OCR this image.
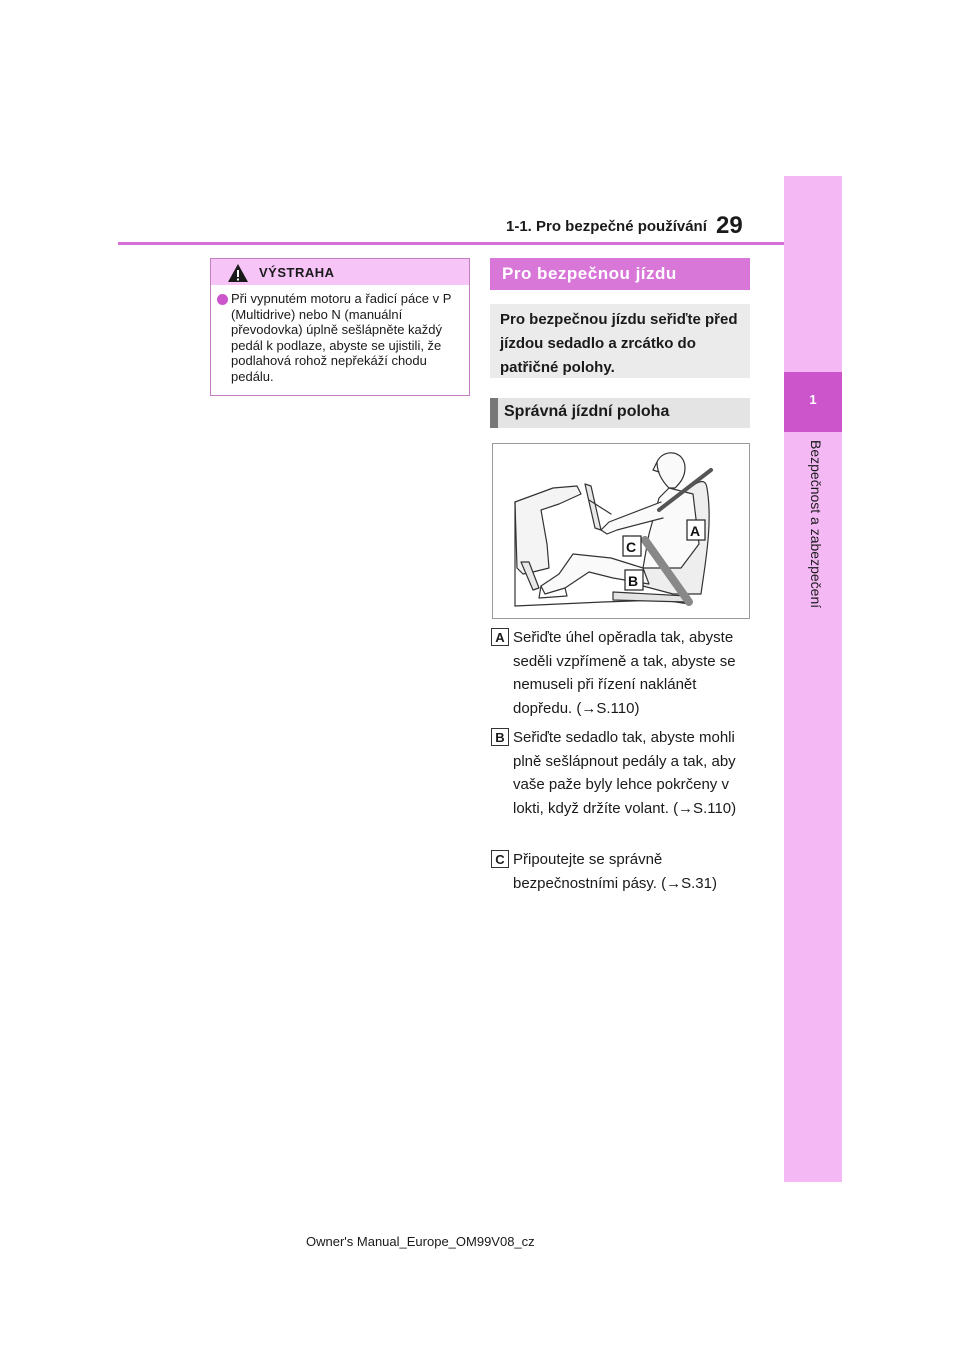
29
1-1. Pro bezpečné používání
1
Bezpečnost a zabezpečení
VÝSTRAHA
Při vypnutém motoru a řadicí páce v P (Multidrive) nebo N (manuální převodovka) úplně sešlápněte každý pedál k podlaze, abyste se ujistili, že podlahová rohož nepřekáží chodu pedálu.
Pro bezpečnou jízdu
Pro bezpečnou jízdu seřiďte před jízdou sedadlo a zrcátko do patřičné polohy.
Správná jízdní poloha
A
C
B
A Seřiďte úhel opěradla tak, abyste seděli vzpřímeně a tak, abyste se nemuseli při řízení naklánět dopředu. (→S.110)
B Seřiďte sedadlo tak, abyste mohli plně sešlápnout pedály a tak, aby vaše paže byly lehce pokrčeny v lokti, když držíte volant. (→S.110)
C Připoutejte se správně bezpečnostními pásy. (→S.31)
Owner's Manual_Europe_OM99V08_cz
